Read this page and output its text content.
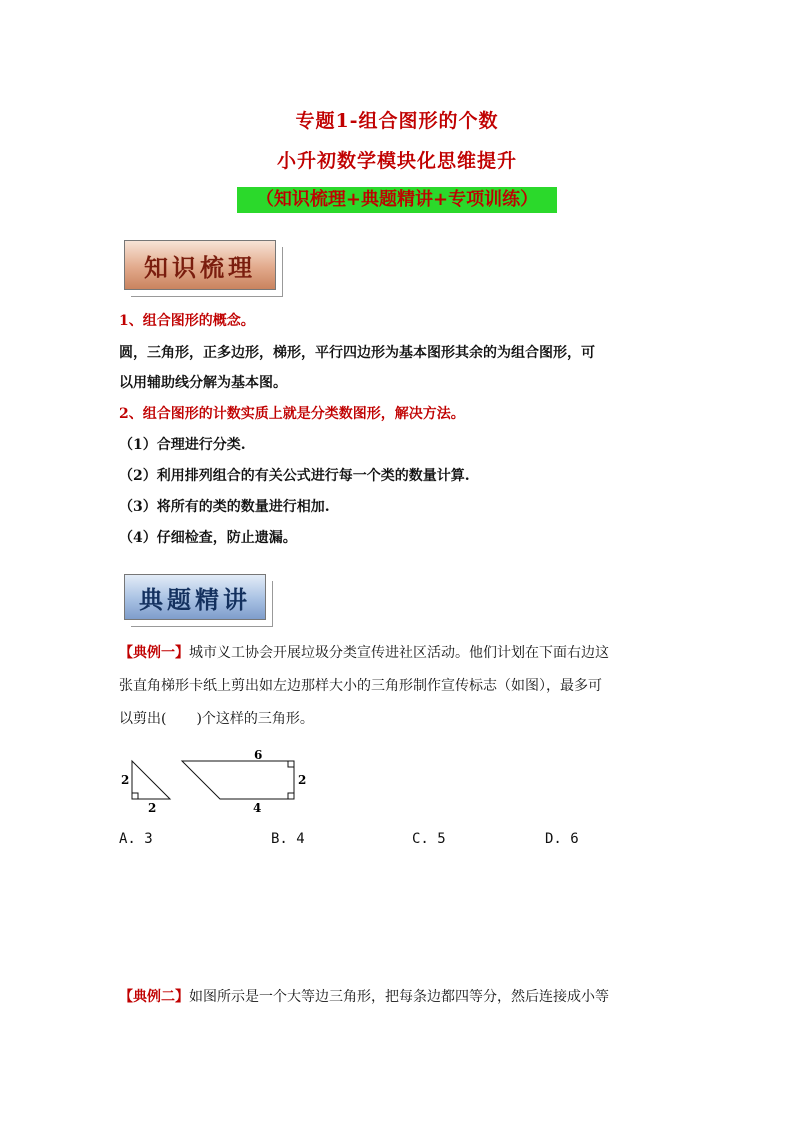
专题1-组合图形的个数
小升初数学模块化思维提升
（知识梳理+典题精讲+专项训练）
知识梳理
1、组合图形的概念。
圆，三角形，正多边形，梯形，平行四边形为基本图形其余的为组合图形，可
以用辅助线分解为基本图。
2、组合图形的计数实质上就是分类数图形，解决方法。
（1）合理进行分类.
（2）利用排列组合的有关公式进行每一个类的数量计算.
（3）将所有的类的数量进行相加.
（4）仔细检查，防止遗漏。
典题精讲
【典例一】城市义工协会开展垃圾分类宣传进社区活动。他们计划在下面右边这
张直角梯形卡纸上剪出如左边那样大小的三角形制作宣传标志（如图），最多可
以剪出( )个这样的三角形。
2
2
6
2
4
A. 3	B. 4	C. 5	D. 6
【典例二】如图所示是一个大等边三角形，把每条边都四等分，然后连接成小等
